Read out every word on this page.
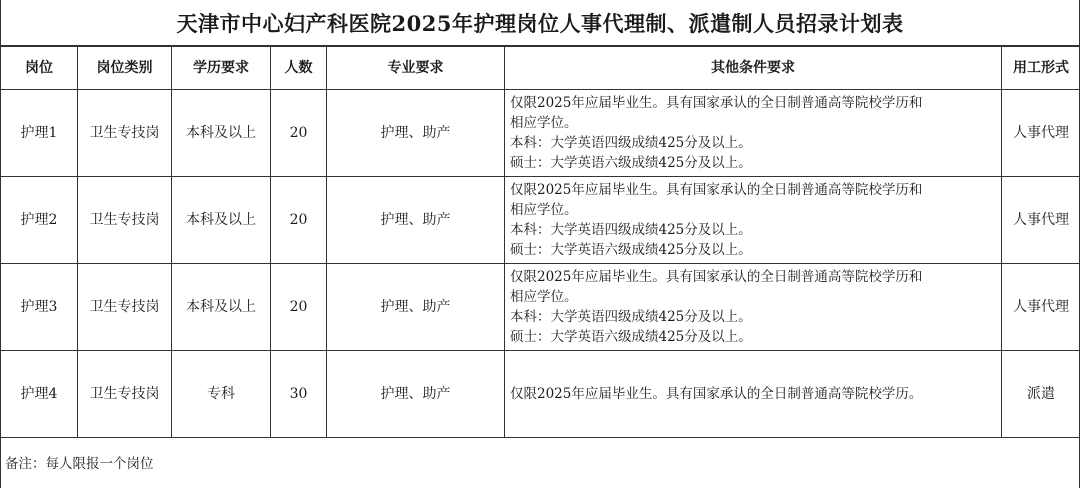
天津市中心妇产科医院2025年护理岗位人事代理制、派遣制人员招录计划表
岗位	岗位类别	学历要求	人数	专业要求	其他条件要求	用工形式
护理1	卫生专技岗	本科及以上	20	护理、助产	仅限2025年应届毕业生。具有国家承认的全日制普通高等院校学历和
相应学位。
本科：大学英语四级成绩425分及以上。
硕士：大学英语六级成绩425分及以上。	人事代理
护理2	卫生专技岗	本科及以上	20	护理、助产	仅限2025年应届毕业生。具有国家承认的全日制普通高等院校学历和
相应学位。
本科：大学英语四级成绩425分及以上。
硕士：大学英语六级成绩425分及以上。	人事代理
护理3	卫生专技岗	本科及以上	20	护理、助产	仅限2025年应届毕业生。具有国家承认的全日制普通高等院校学历和
相应学位。
本科：大学英语四级成绩425分及以上。
硕士：大学英语六级成绩425分及以上。	人事代理
护理4	卫生专技岗	专科	30	护理、助产	仅限2025年应届毕业生。具有国家承认的全日制普通高等院校学历。	派遣
备注：每人限报一个岗位
